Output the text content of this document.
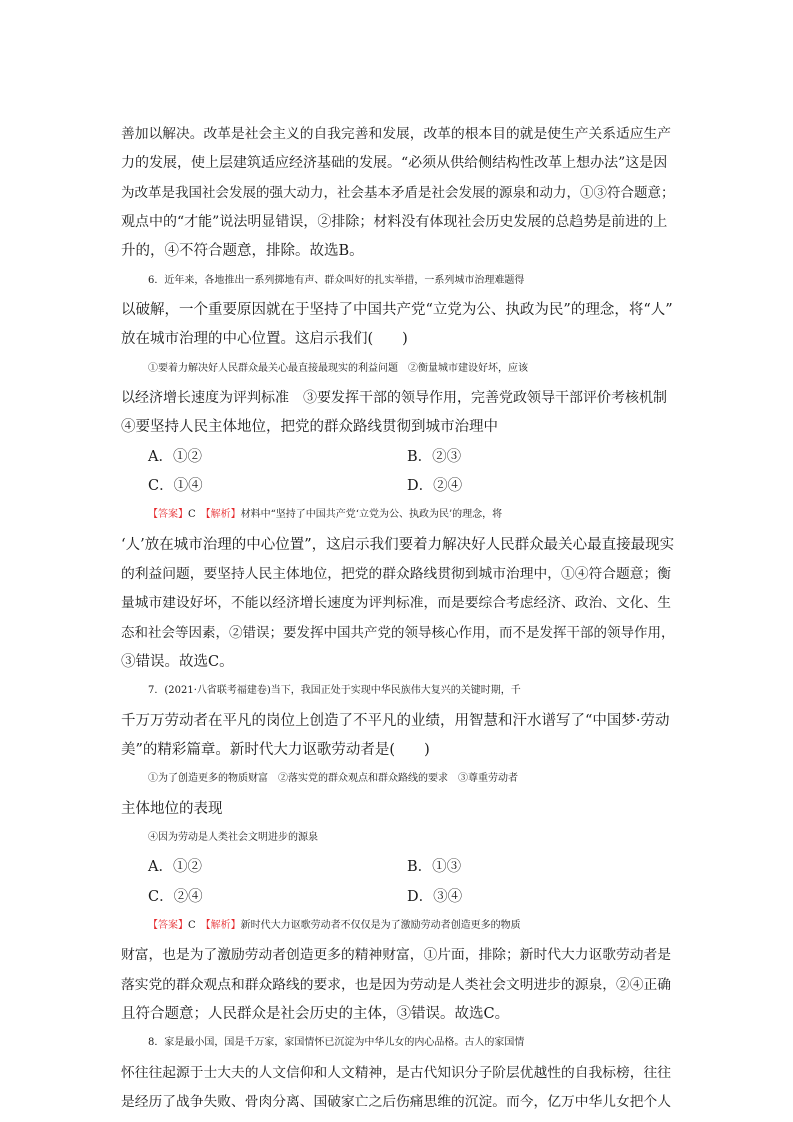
善加以解决。改革是社会主义的自我完善和发展，改革的根本目的就是使生产关系适应生产
力的发展，使上层建筑适应经济基础的发展。“必须从供给侧结构性改革上想办法”这是因
为改革是我国社会发展的强大动力，社会基本矛盾是社会发展的源泉和动力，①③符合题意；
观点中的“才能”说法明显错误，②排除；材料没有体现社会历史发展的总趋势是前进的上
升的，④不符合题意，排除。故选B。
6．近年来，各地推出一系列掷地有声、群众叫好的扎实举措，一系列城市治理难题得
以破解，一个重要原因就在于坚持了中国共产党“立党为公、执政为民”的理念，将“人”
放在城市治理的中心位置。这启示我们(　　)
①要着力解决好人民群众最关心最直接最现实的利益问题　②衡量城市建设好坏，应该
以经济增长速度为评判标准　③要发挥干部的领导作用，完善党政领导干部评价考核机制
④要坚持人民主体地位，把党的群众路线贯彻到城市治理中
A．①②	B．②③
C．①④	D．②④
【答案】C　 【解析】材料中“坚持了中国共产党‘立党为公、执政为民’的理念，将
‘人’放在城市治理的中心位置”，这启示我们要着力解决好人民群众最关心最直接最现实
的利益问题，要坚持人民主体地位，把党的群众路线贯彻到城市治理中，①④符合题意；衡
量城市建设好坏，不能以经济增长速度为评判标准，而是要综合考虑经济、政治、文化、生
态和社会等因素，②错误；要发挥中国共产党的领导核心作用，而不是发挥干部的领导作用，
③错误。故选C。
7．(2021·八省联考福建卷)当下，我国正处于实现中华民族伟大复兴的关键时期，千
千万万劳动者在平凡的岗位上创造了不平凡的业绩，用智慧和汗水谱写了“中国梦·劳动
美”的精彩篇章。新时代大力讴歌劳动者是(　　)
①为了创造更多的物质财富　②落实党的群众观点和群众路线的要求　③尊重劳动者
主体地位的表现
④因为劳动是人类社会文明进步的源泉
A．①②	B．①③
C．②④	D．③④
【答案】C　 【解析】新时代大力讴歌劳动者不仅仅是为了激励劳动者创造更多的物质
财富，也是为了激励劳动者创造更多的精神财富，①片面，排除；新时代大力讴歌劳动者是
落实党的群众观点和群众路线的要求，也是因为劳动是人类社会文明进步的源泉，②④正确
且符合题意；人民群众是社会历史的主体，③错误。故选C。
8．家是最小国，国是千万家，家国情怀已沉淀为中华儿女的内心品格。古人的家国情
怀往往起源于士大夫的人文信仰和人文精神，是古代知识分子阶层优越性的自我标榜，往往
是经历了战争失败、骨肉分离、国破家亡之后伤痛思维的沉淀。而今，亿万中华儿女把个人
